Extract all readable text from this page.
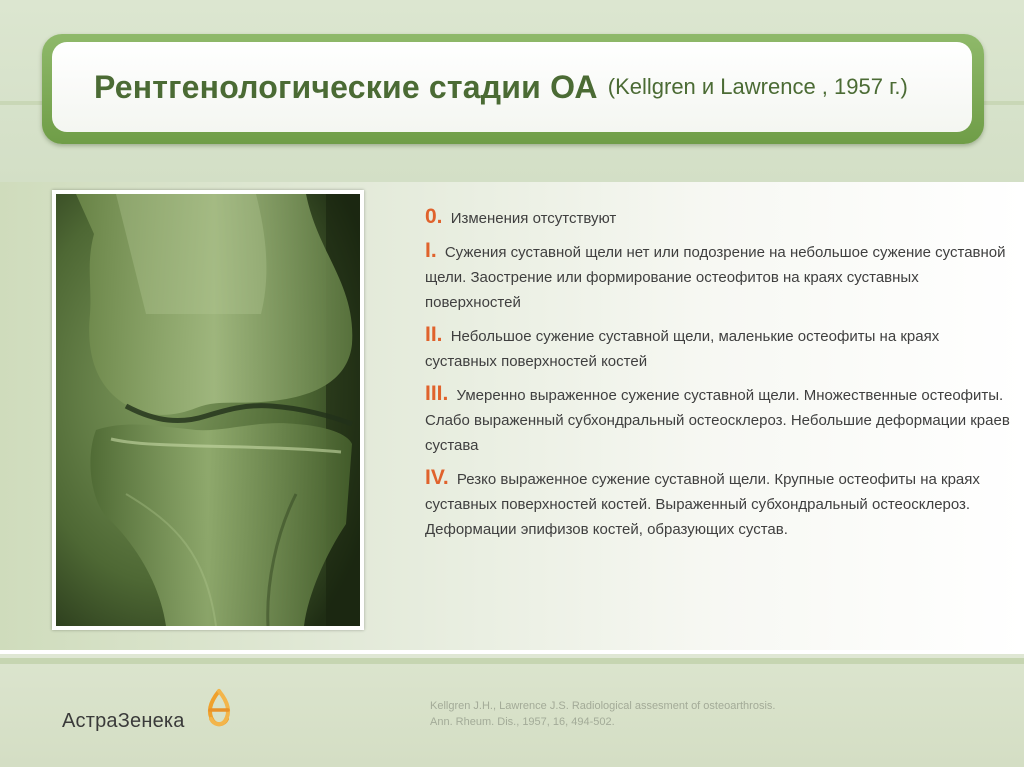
Рентгенологические стадии ОА (Kellgren и Lawrence , 1957 г.)
0. Изменения отсутствуют
I. Сужения суставной щели нет или подозрение на небольшое сужение суставной щели. Заострение или формирование остеофитов на краях суставных поверхностей
II. Небольшое сужение суставной щели, маленькие остеофиты на краях суставных поверхностей костей
III. Умеренно выраженное сужение суставной щели. Множественные остеофиты. Слабо выраженный субхондральный остеосклероз. Небольшие деформации краев сустава
IV. Резко выраженное сужение суставной щели. Крупные остеофиты на краях суставных поверхностей костей. Выраженный субхондральный остеосклероз. Деформации эпифизов костей, образующих сустав.
АстраЗенека
Kellgren J.H., Lawrence J.S. Radiological assesment of osteoarthrosis.
Ann. Rheum. Dis., 1957, 16, 494-502.
